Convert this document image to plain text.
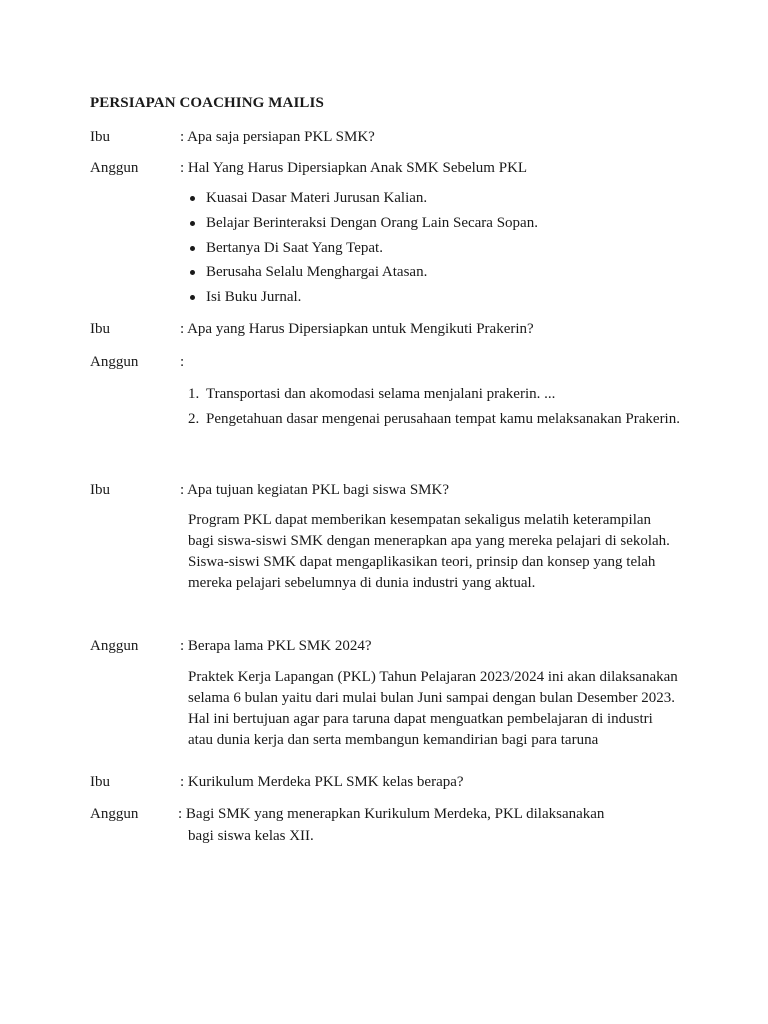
PERSIAPAN COACHING MAILIS
Ibu	: Apa saja persiapan PKL SMK?
Anggun	: Hal Yang Harus Dipersiapkan Anak SMK Sebelum PKL
Kuasai Dasar Materi Jurusan Kalian.
Belajar Berinteraksi Dengan Orang Lain Secara Sopan.
Bertanya Di Saat Yang Tepat.
Berusaha Selalu Menghargai Atasan.
Isi Buku Jurnal.
Ibu	: Apa yang Harus Dipersiapkan untuk Mengikuti Prakerin?
Anggun	:
1. Transportasi dan akomodasi selama menjalani prakerin. ...
2. Pengetahuan dasar mengenai perusahaan tempat kamu melaksanakan Prakerin.
Ibu	: Apa tujuan kegiatan PKL bagi siswa SMK?

Program PKL dapat memberikan kesempatan sekaligus melatih keterampilan bagi siswa-siswi SMK dengan menerapkan apa yang mereka pelajari di sekolah. Siswa-siswi SMK dapat mengaplikasikan teori, prinsip dan konsep yang telah mereka pelajari sebelumnya di dunia industri yang aktual.

Anggun	: Berapa lama PKL SMK 2024?

Praktek Kerja Lapangan (PKL) Tahun Pelajaran 2023/2024 ini akan dilaksanakan selama 6 bulan yaitu dari mulai bulan Juni sampai dengan bulan Desember 2023. Hal ini bertujuan agar para taruna dapat menguatkan pembelajaran di industri atau dunia kerja dan serta membangun kemandirian bagi para taruna

Ibu	: Kurikulum Merdeka PKL SMK kelas berapa?
Anggun	: Bagi SMK yang menerapkan Kurikulum Merdeka, PKL dilaksanakan
bagi siswa kelas XII.
